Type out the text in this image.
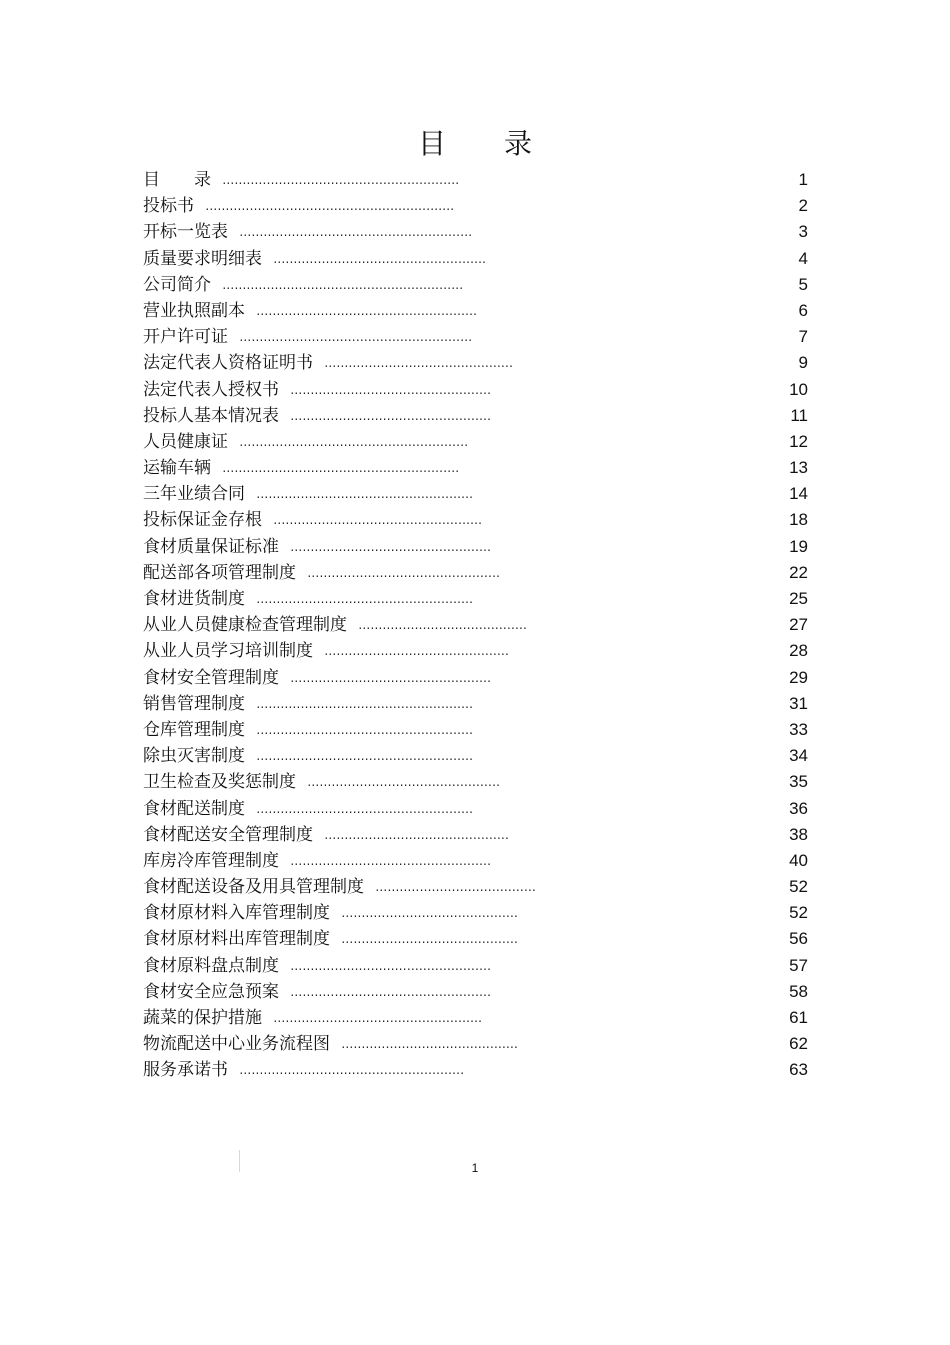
目 录
目　　录 ...........................................................	1
投标书 ..............................................................	2
开标一览表 ..........................................................	3
质量要求明细表 .....................................................	4
公司简介 ............................................................	5
营业执照副本 .......................................................	6
开户许可证 ..........................................................	7
法定代表人资格证明书 ...............................................	9
法定代表人授权书 ..................................................	10
投标人基本情况表 ..................................................	11
人员健康证 .........................................................	12
运输车辆 ...........................................................	13
三年业绩合同 ......................................................	14
投标保证金存根 ....................................................	18
食材质量保证标准 ..................................................	19
配送部各项管理制度 ................................................	22
食材进货制度 ......................................................	25
从业人员健康检查管理制度 ..........................................	27
从业人员学习培训制度 ..............................................	28
食材安全管理制度 ..................................................	29
销售管理制度 ......................................................	31
仓库管理制度 ......................................................	33
除虫灭害制度 ......................................................	34
卫生检查及奖惩制度 ................................................	35
食材配送制度 ......................................................	36
食材配送安全管理制度 ..............................................	38
库房冷库管理制度 ..................................................	40
食材配送设备及用具管理制度 ........................................	52
食材原材料入库管理制度 ............................................	52
食材原材料出库管理制度 ............................................	56
食材原料盘点制度 ..................................................	57
食材安全应急预案 ..................................................	58
蔬菜的保护措施 ....................................................	61
物流配送中心业务流程图 ............................................	62
服务承诺书 ........................................................	63
1
